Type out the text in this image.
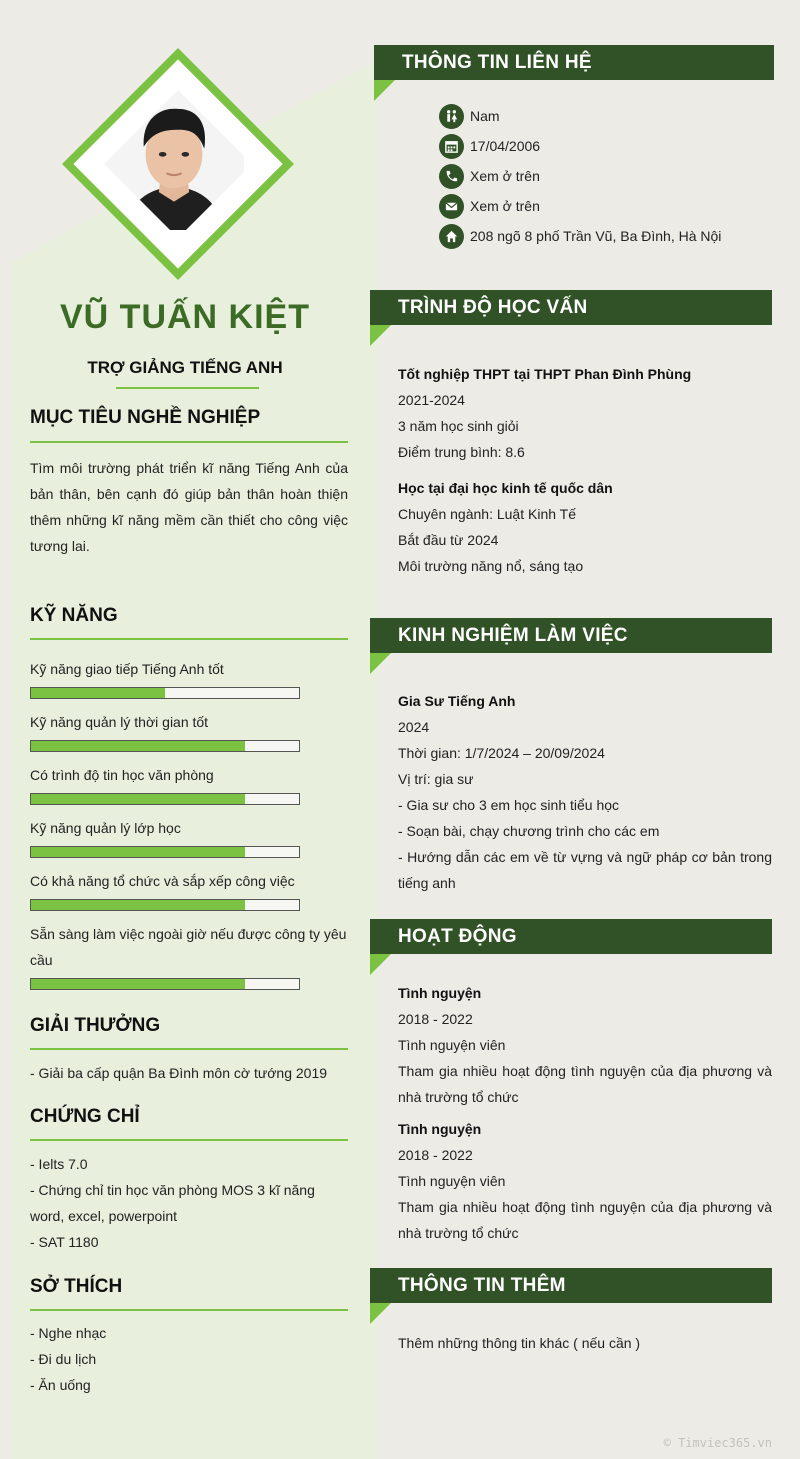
VŨ TUẤN KIỆT
TRỢ GIẢNG TIẾNG ANH
MỤC TIÊU NGHỀ NGHIỆP
Tìm môi trường phát triển kĩ năng Tiếng Anh của bản thân, bên cạnh đó giúp bản thân hoàn thiện thêm những kĩ năng mềm cần thiết cho công việc tương lai.
KỸ NĂNG
Kỹ năng giao tiếp Tiếng Anh tốt
Kỹ năng quản lý thời gian tốt
Có trình độ tin học văn phòng
Kỹ năng quản lý lớp học
Có khả năng tổ chức và sắp xếp công việc
Sẵn sàng làm việc ngoài giờ nếu được công ty yêu cầu
GIẢI THƯỞNG
- Giải ba cấp quận Ba Đình môn cờ tướng 2019
CHỨNG CHỈ
- Ielts 7.0
- Chứng chỉ tin học văn phòng MOS 3 kĩ năng word, excel, powerpoint
- SAT 1180
SỞ THÍCH
- Nghe nhạc
- Đi du lịch
- Ăn uống
THÔNG TIN LIÊN HỆ
Nam
17/04/2006
Xem ở trên
Xem ở trên
208 ngõ 8 phố Trần Vũ, Ba Đình, Hà Nội
TRÌNH ĐỘ HỌC VẤN
Tốt nghiệp THPT tại THPT Phan Đình Phùng
2021-2024
3 năm học sinh giỏi
Điểm trung bình: 8.6
Học tại đại học kinh tế quốc dân
Chuyên ngành: Luật Kinh Tế
Bắt đầu từ 2024
Môi trường năng nổ, sáng tạo
KINH NGHIỆM LÀM VIỆC
Gia Sư Tiếng Anh
2024
Thời gian: 1/7/2024 – 20/09/2024
Vị trí: gia sư
- Gia sư cho 3 em học sinh tiểu học
- Soạn bài, chạy chương trình cho các em
- Hướng dẫn các em về từ vựng và ngữ pháp cơ bản trong tiếng anh
HOẠT ĐỘNG
Tình nguyện
2018 - 2022
Tình nguyện viên
Tham gia nhiều hoạt động tình nguyện của địa phương và nhà trường tổ chức
Tình nguyện
2018 - 2022
Tình nguyện viên
Tham gia nhiều hoạt động tình nguyện của địa phương và nhà trường tổ chức
THÔNG TIN THÊM
Thêm những thông tin khác ( nếu cần )
© Timviec365.vn
